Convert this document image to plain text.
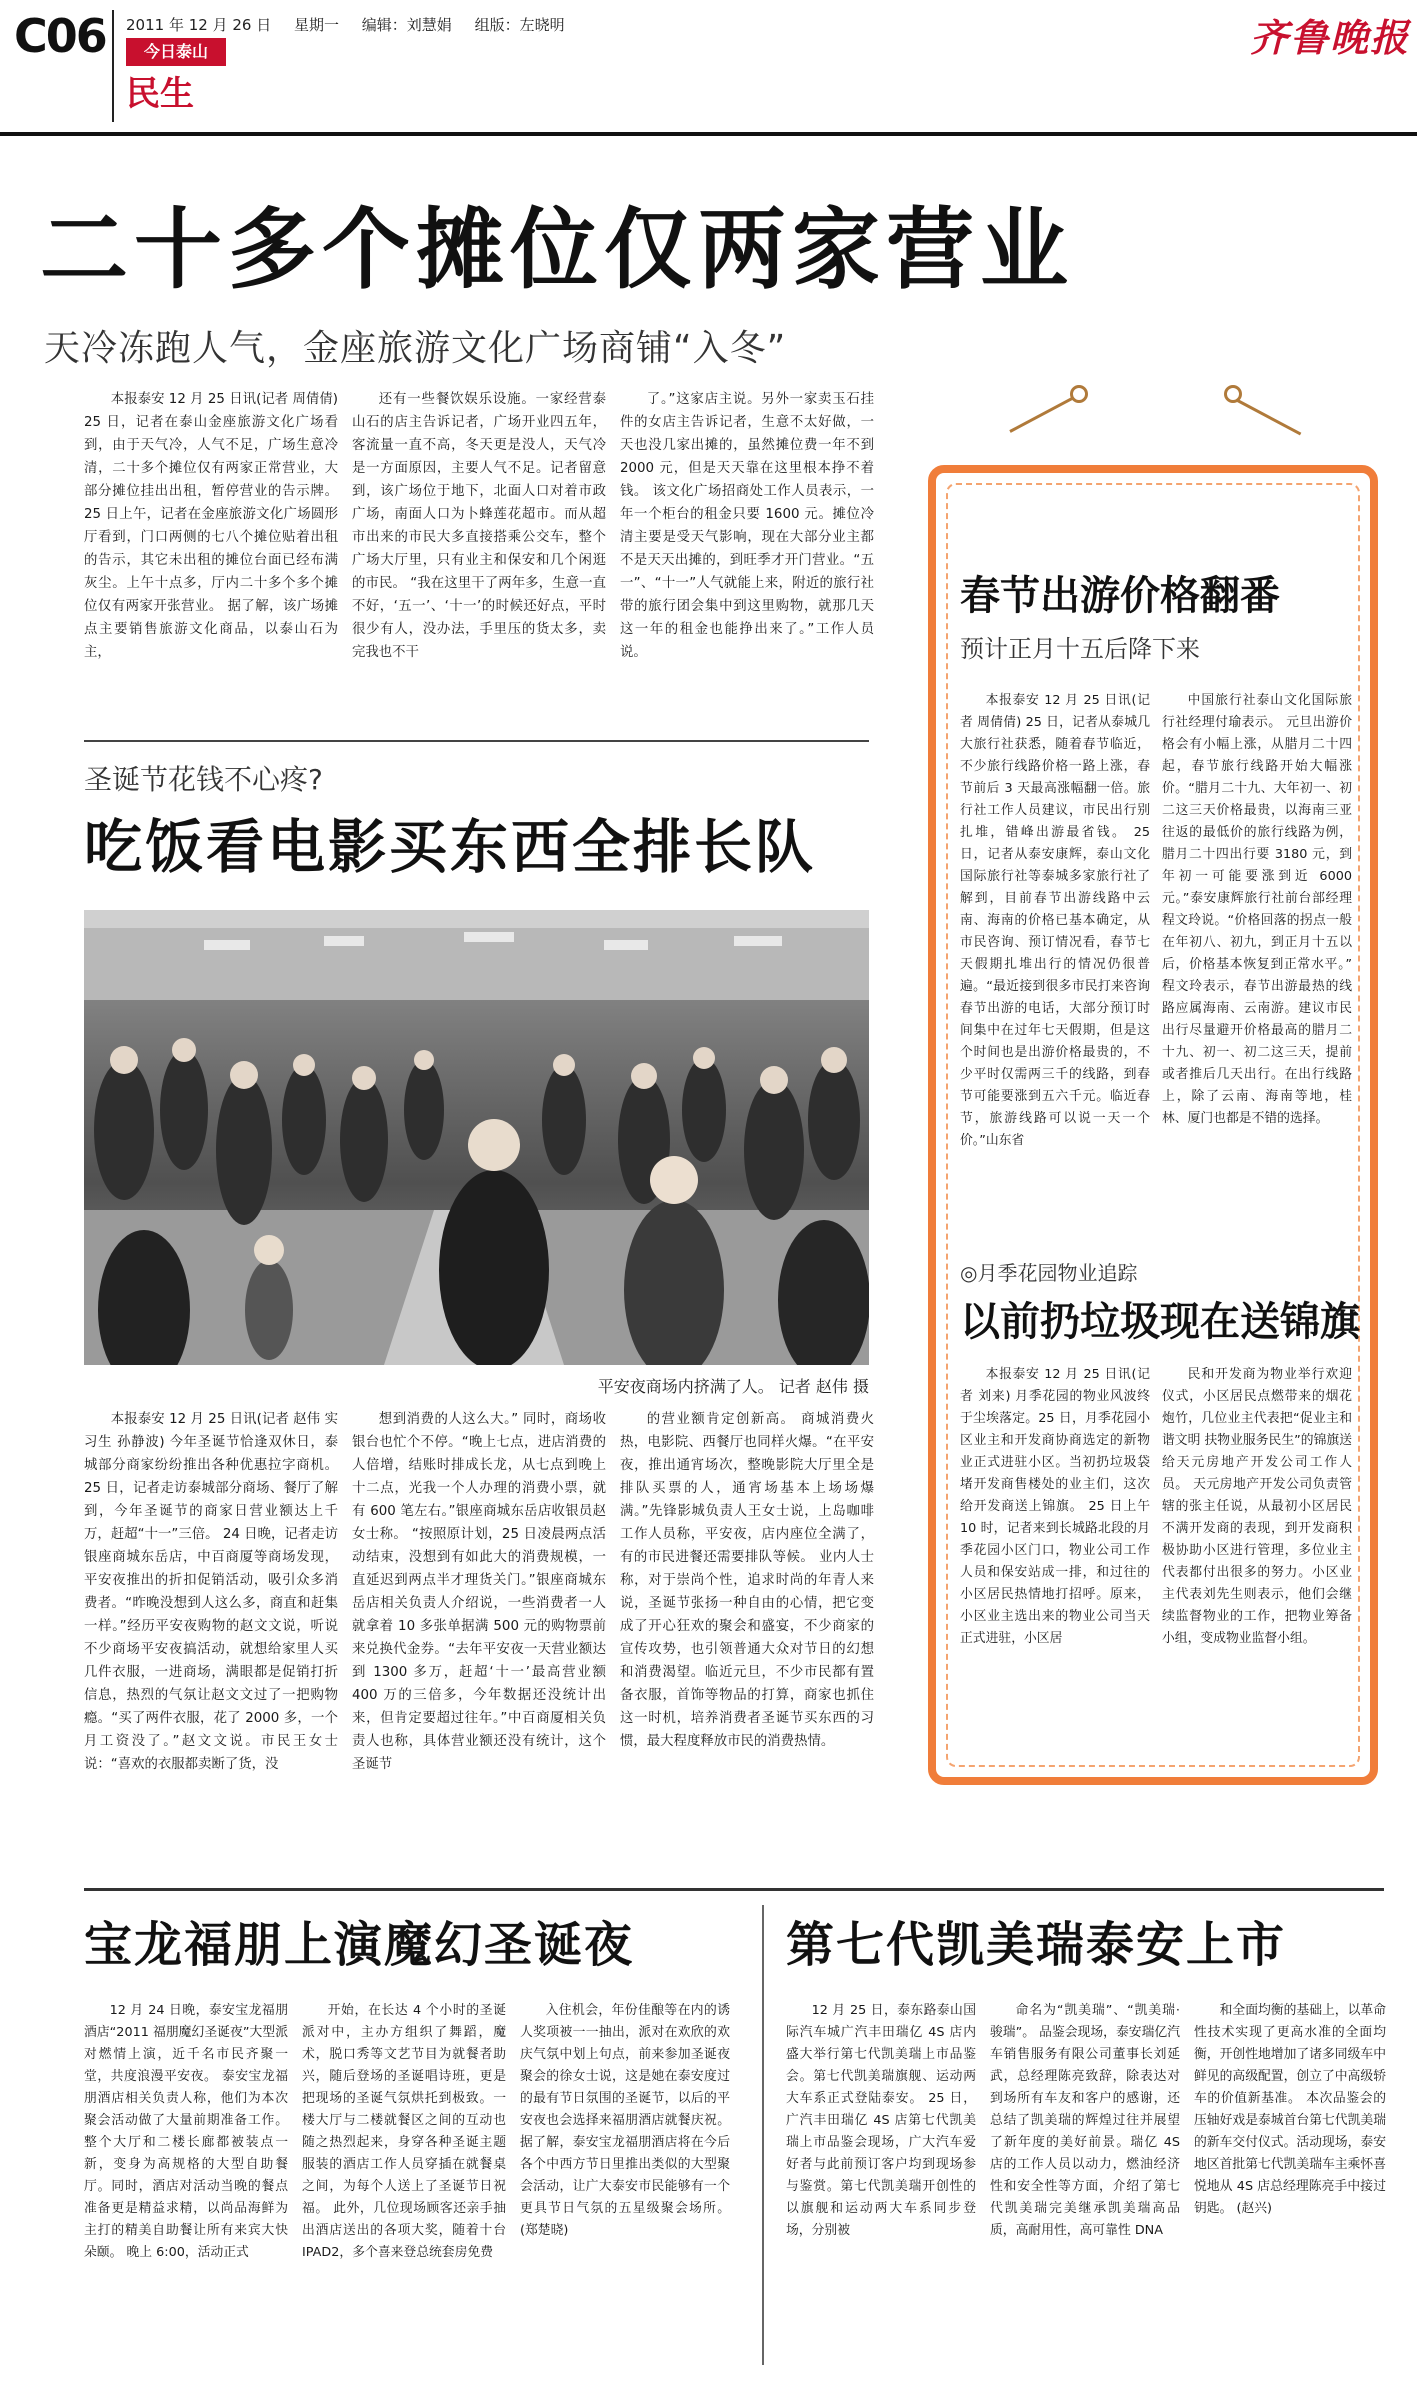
C06 2011 年 12 月 26 日 星期一 编辑：刘慧娟 组版：左晓明
今日泰山
民生
齐鲁晚报
二十多个摊位仅两家营业
天冷冻跑人气，金座旅游文化广场商铺“入冬”

本报泰安 12 月 25 日讯(记者 周倩倩) 25 日，记者在泰山金座旅游文化广场看到，由于天气冷，人气不足，广场生意冷清，二十多个摊位仅有两家正常营业，大部分摊位挂出出租，暂停营业的告示牌。 25 日上午，记者在金座旅游文化广场圆形厅看到，门口两侧的七八个摊位贴着出租的告示，其它未出租的摊位台面已经布满灰尘。上午十点多，厅内二十多个多个摊位仅有两家开张营业。 据了解，该广场摊点主要销售旅游文化商品，以泰山石为主，

还有一些餐饮娱乐设施。一家经营泰山石的店主告诉记者，广场开业四五年，客流量一直不高，冬天更是没人，天气冷是一方面原因，主要人气不足。记者留意到，该广场位于地下，北面人口对着市政广场，南面人口为卜蜂莲花超市。而从超市出来的市民大多直接搭乘公交车，整个广场大厅里，只有业主和保安和几个闲逛的市民。 “我在这里干了两年多，生意一直不好，‘五一’、‘十一’的时候还好点，平时很少有人，没办法，手里压的货太多，卖完我也不干

了。”这家店主说。另外一家卖玉石挂件的女店主告诉记者，生意不太好做，一天也没几家出摊的，虽然摊位费一年不到 2000 元，但是天天靠在这里根本挣不着钱。 该文化广场招商处工作人员表示，一年一个柜台的租金只要 1600 元。摊位冷清主要是受天气影响，现在大部分业主都不是天天出摊的，到旺季才开门营业。“五一”、“十一”人气就能上来，附近的旅行社带的旅行团会集中到这里购物，就那几天这一年的租金也能挣出来了。”工作人员说。

圣诞节花钱不心疼?
吃饭看电影买东西全排长队
平安夜商场内挤满了人。 记者 赵伟 摄

本报泰安 12 月 25 日讯(记者 赵伟 实习生 孙静波) 今年圣诞节恰逢双休日，泰城部分商家纷纷推出各种优惠拉字商机。25 日，记者走访泰城部分商场、餐厅了解到，今年圣诞节的商家日营业额达上千万，赶超“十一”三倍。 24 日晚，记者走访银座商城东岳店，中百商厦等商场发现，平安夜推出的折扣促销活动，吸引众多消费者。“昨晚没想到人这么多，商直和赶集一样。”经历平安夜购物的赵文文说，听说不少商场平安夜搞活动，就想给家里人买几件衣服，一进商场，满眼都是促销打折信息，热烈的气氛让赵文文过了一把购物瘾。“买了两件衣服，花了 2000 多，一个月工资没了。”赵文文说。市民王女士说：“喜欢的衣服都卖断了货，没

想到消费的人这么大。” 同时，商场收银台也忙个不停。“晚上七点，进店消费的人倍增，结账时排成长龙，从七点到晚上十二点，光我一个人办理的消费小票，就有 600 笔左右。”银座商城东岳店收银员赵女士称。 “按照原计划，25 日凌晨两点活动结束，没想到有如此大的消费规模，一直延迟到两点半才理货关门。”银座商城东岳店相关负责人介绍说，一些消费者一人就拿着 10 多张单据满 500 元的购物票前来兑换代金券。“去年平安夜一天营业额达到 1300 多万，赶超‘十一’最高营业额 400 万的三倍多，今年数据还没统计出来，但肯定要超过往年。”中百商厦相关负责人也称，具体营业额还没有统计，这个圣诞节

的营业额肯定创新高。 商城消费火热，电影院、西餐厅也同样火爆。“在平安夜，推出通宵场次，整晚影院大厅里全是排队买票的人，通宵场基本上场场爆满。”先锋影城负责人王女士说，上岛咖啡工作人员称，平安夜，店内座位全满了，有的市民进餐还需要排队等候。 业内人士称，对于崇尚个性，追求时尚的年青人来说，圣诞节张扬一种自由的心情，把它变成了开心狂欢的聚会和盛宴，不少商家的宣传攻势，也引领普通大众对节日的幻想和消费渴望。临近元旦，不少市民都有置备衣服，首饰等物品的打算，商家也抓住这一时机，培养消费者圣诞节买东西的习惯，最大程度释放市民的消费热情。

春节出游价格翻番
预计正月十五后降下来

本报泰安 12 月 25 日讯(记者 周倩倩) 25 日，记者从泰城几大旅行社获悉，随着春节临近，不少旅行线路价格一路上涨，春节前后 3 天最高涨幅翻一倍。旅行社工作人员建议，市民出行别扎堆，错峰出游最省钱。 25 日，记者从泰安康辉，泰山文化国际旅行社等泰城多家旅行社了解到，目前春节出游线路中云南、海南的价格已基本确定，从市民咨询、预订情况看，春节七天假期扎堆出行的情况仍很普遍。“最近接到很多市民打来咨询春节出游的电话，大部分预订时间集中在过年七天假期，但是这个时间也是出游价格最贵的，不少平时仅需两三千的线路，到春节可能要涨到五六千元。临近春节，旅游线路可以说一天一个价。”山东省

中国旅行社泰山文化国际旅行社经理付瑜表示。 元旦出游价格会有小幅上涨，从腊月二十四起，春节旅行线路开始大幅涨价。“腊月二十九、大年初一、初二这三天价格最贵，以海南三亚往返的最低价的旅行线路为例，腊月二十四出行要 3180 元，到年初一可能要涨到近 6000 元。”泰安康辉旅行社前台部经理程文玲说。“价格回落的拐点一般在年初八、初九，到正月十五以后，价格基本恢复到正常水平。” 程文玲表示，春节出游最热的线路应属海南、云南游。建议市民出行尽量避开价格最高的腊月二十九、初一、初二这三天，提前或者推后几天出行。在出行线路上，除了云南、海南等地，桂林、厦门也都是不错的选择。

◎月季花园物业追踪
以前扔垃圾现在送锦旗

本报泰安 12 月 25 日讯(记者 刘来) 月季花园的物业风波终于尘埃落定。25 日，月季花园小区业主和开发商协商选定的新物业正式进驻小区。当初扔垃圾袋堵开发商售楼处的业主们，这次给开发商送上锦旗。 25 日上午 10 时，记者来到长城路北段的月季花园小区门口，物业公司工作人员和保安站成一排，和过往的小区居民热情地打招呼。原来，小区业主选出来的物业公司当天正式进驻，小区居

民和开发商为物业举行欢迎仪式，小区居民点燃带来的烟花炮竹，几位业主代表把“促业主和谐文明 扶物业服务民生”的锦旗送给天元房地产开发公司工作人员。 天元房地产开发公司负责管辖的张主任说，从最初小区居民不满开发商的表现，到开发商积极协助小区进行管理，多位业主代表都付出很多的努力。小区业主代表刘先生则表示，他们会继续监督物业的工作，把物业筹备小组，变成物业监督小组。

宝龙福朋上演魔幻圣诞夜

12 月 24 日晚，泰安宝龙福朋酒店“2011 福朋魔幻圣诞夜”大型派对燃情上演，近千名市民齐聚一堂，共度浪漫平安夜。 泰安宝龙福朋酒店相关负责人称，他们为本次聚会活动做了大量前期准备工作。整个大厅和二楼长廊都被装点一新，变身为高规格的大型自助餐厅。同时，酒店对活动当晚的餐点准备更是精益求精，以尚品海鲜为主打的精美自助餐让所有来宾大快朵颐。 晚上 6:00，活动正式

开始，在长达 4 个小时的圣诞派对中，主办方组织了舞蹈，魔术，脱口秀等文艺节目为就餐者助兴，随后登场的圣诞唱诗班，更是把现场的圣诞气氛烘托到极致。一楼大厅与二楼就餐区之间的互动也随之热烈起来，身穿各种圣诞主题服装的酒店工作人员穿插在就餐桌之间，为每个人送上了圣诞节日祝福。 此外，几位现场顾客还亲手抽出酒店送出的各项大奖，随着十台 IPAD2，多个喜来登总统套房免费

入住机会，年份佳酿等在内的诱人奖项被一一抽出，派对在欢欣的欢庆气氛中划上句点，前来参加圣诞夜聚会的徐女士说，这是她在泰安度过的最有节日氛围的圣诞节，以后的平安夜也会选择来福朋酒店就餐庆祝。 据了解，泰安宝龙福朋酒店将在今后各个中西方节日里推出类似的大型聚会活动，让广大泰安市民能够有一个更具节日气氛的五星级聚会场所。 (郑楚晓)

第七代凯美瑞泰安上市

12 月 25 日，泰东路泰山国际汽车城广汽丰田瑞亿 4S 店内盛大举行第七代凯美瑞上市品鉴会。第七代凯美瑞旗舰、运动两大车系正式登陆泰安。 25 日，广汽丰田瑞亿 4S 店第七代凯美瑞上市品鉴会现场，广大汽车爱好者与此前预订客户均到现场参与鉴赏。第七代凯美瑞开创性的以旗舰和运动两大车系同步登场，分别被

命名为“凯美瑞”、“凯美瑞·骏瑞”。 品鉴会现场，泰安瑞亿汽车销售服务有限公司董事长刘延武，总经理陈亮致辞，除表达对到场所有车友和客户的感谢，还总结了凯美瑞的辉煌过往并展望了新年度的美好前景。瑞亿 4S 店的工作人员以动力，燃油经济性和安全性等方面，介绍了第七代凯美瑞完美继承凯美瑞高品质，高耐用性，高可靠性 DNA

和全面均衡的基础上，以革命性技术实现了更高水准的全面均衡，开创性地增加了诸多同级车中鲜见的高级配置，创立了中高级轿车的价值新基准。 本次品鉴会的压轴好戏是泰城首台第七代凯美瑞的新车交付仪式。活动现场，泰安地区首批第七代凯美瑞车主乘怀喜悦地从 4S 店总经理陈亮手中接过钥匙。 (赵兴)
